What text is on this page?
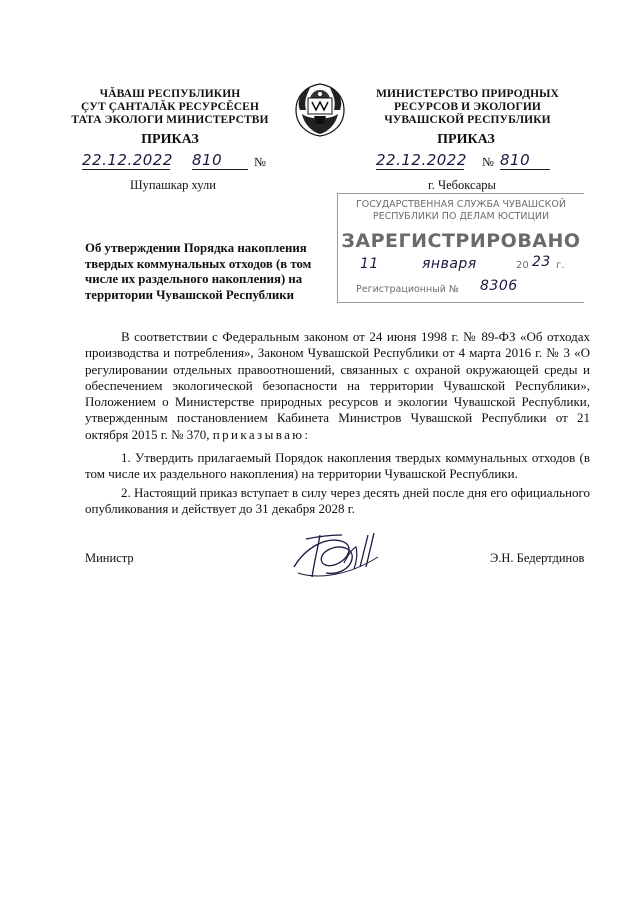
ЧĂВАШ РЕСПУБЛИКИН
ÇУТ ÇАНТАЛĂК РЕСУРСĔСЕН
ТАТА ЭКОЛОГИ МИНИСТЕРСТВИ
МИНИСТЕРСТВО ПРИРОДНЫХ
РЕСУРСОВ И ЭКОЛОГИИ
ЧУВАШСКОЙ РЕСПУБЛИКИ
ПРИКАЗ
22.12.2022 810	№
Шупашкар хули
ПРИКАЗ
22.12.2022 № 810
г. Чебоксары
ГОСУДАРСТВЕННАЯ СЛУЖБА ЧУВАШСКОЙ
РЕСПУБЛИКИ ПО ДЕЛАМ ЮСТИЦИИ
ЗАРЕГИСТРИРОВАНО
11	января	20 23 г.
Регистрационный № 8306
Об утверждении Порядка накопления
твердых коммунальных отходов (в том
числе их раздельного накопления) на
территории Чувашской Республики
В соответствии с Федеральным законом от 24 июня 1998 г. № 89-ФЗ «Об отходах производства и потребления», Законом Чувашской Республики от 4 марта 2016 г. № 3 «О регулировании отдельных правоотношений, связанных с охраной окружающей среды и обеспечением экологической безопасности на территории Чувашской Республики», Положением о Министерстве природных ресурсов и экологии Чувашской Республики, утвержденным постановлением Кабинета Министров Чувашской Республики от 21 октября 2015 г. № 370, приказываю:
1. Утвердить прилагаемый Порядок накопления твердых коммунальных отходов (в том числе их раздельного накопления) на территории Чувашской Республики.
2. Настоящий приказ вступает в силу через десять дней после дня его официального опубликования и действует до 31 декабря 2028 г.
Министр	Э.Н. Бедертдинов
